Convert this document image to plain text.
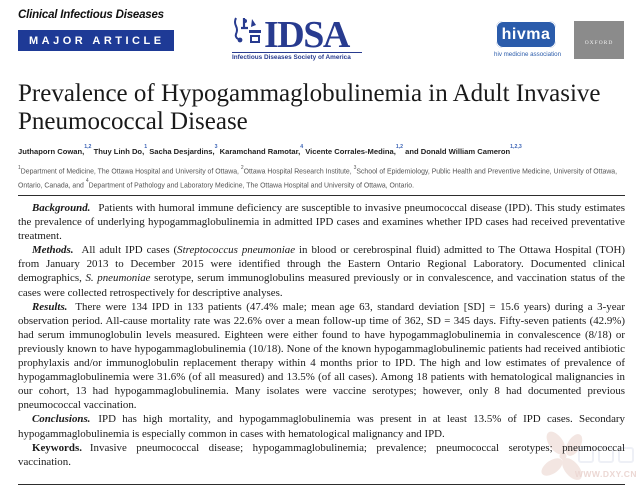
Clinical Infectious Diseases
MAJOR ARTICLE	IDSA
Infectious Diseases Society of America
hivma
hiv medicine association
OXFORD
Prevalence of Hypogammaglobulinemia in Adult Invasive Pneumococcal Disease
Juthaporn Cowan,$^{1,2}$ Thuy Linh Do,$^1$ Sacha Desjardins,$^3$ Karamchand Ramotar,$^4$ Vicente Corrales-Medina,$^{1,2}$ and Donald William Cameron$^{1,2,3}$
$^1$Department of Medicine, The Ottawa Hospital and University of Ottawa, $^2$Ottawa Hospital Research Institute, $^3$School of Epidemiology, Public Health and Preventive Medicine, University of Ottawa, Ontario, Canada, and $^4$Department of Pathology and Laboratory Medicine, The Ottawa Hospital and University of Ottawa, Ontario.

Background. Patients with humoral immune deficiency are susceptible to invasive pneumococcal disease (IPD). This study estimates the prevalence of underlying hypogammaglobulinemia in admitted IPD cases and examines whether IPD cases had received preventative treatment.

Methods. All adult IPD cases (Streptococcus pneumoniae in blood or cerebrospinal fluid) admitted to The Ottawa Hospital (TOH) from January 2013 to December 2015 were identified through the Eastern Ontario Regional Laboratory. Documented clinical demographics, S. pneumoniae serotype, serum immunoglobulins measured previously or in convalescence, and vaccination status of the cases were collected retrospectively for descriptive analyses.

Results. There were 134 IPD in 133 patients (47.4% male; mean age 63, standard deviation [SD] = 15.6 years) during a 3-year observation period. All-cause mortality rate was 22.6% over a mean follow-up time of 362, SD = 345 days. Fifty-seven patients (42.9%) had serum immunoglobulin levels measured. Eighteen were either found to have hypogammaglobulinemia in convalescence (8/18) or previously known to have hypogammaglobulinemia (10/18). None of the known hypogammaglobulinemic patients had received antibiotic prophylaxis and/or immunoglobulin replacement therapy within 4 months prior to IPD. The high and low estimates of prevalence of hypogammaglobulinemia were 31.6% (of all measured) and 13.5% (of all cases). Among 18 patients with hematological malignancies in our cohort, 13 had hypogammaglobulinemia. Many isolates were vaccine serotypes; however, only 8 had documented previous pneumococcal vaccination.

Conclusions. IPD has high mortality, and hypogammaglobulinemia was present in at least 13.5% of IPD cases. Secondary hypogammaglobulinemia is especially common in cases with hematological malignancy and IPD.

Keywords. Invasive pneumococcal disease; hypogammaglobulinemia; prevalence; pneumococcal serotypes; pneumococcal vaccination.

WWW.DXY.CN
